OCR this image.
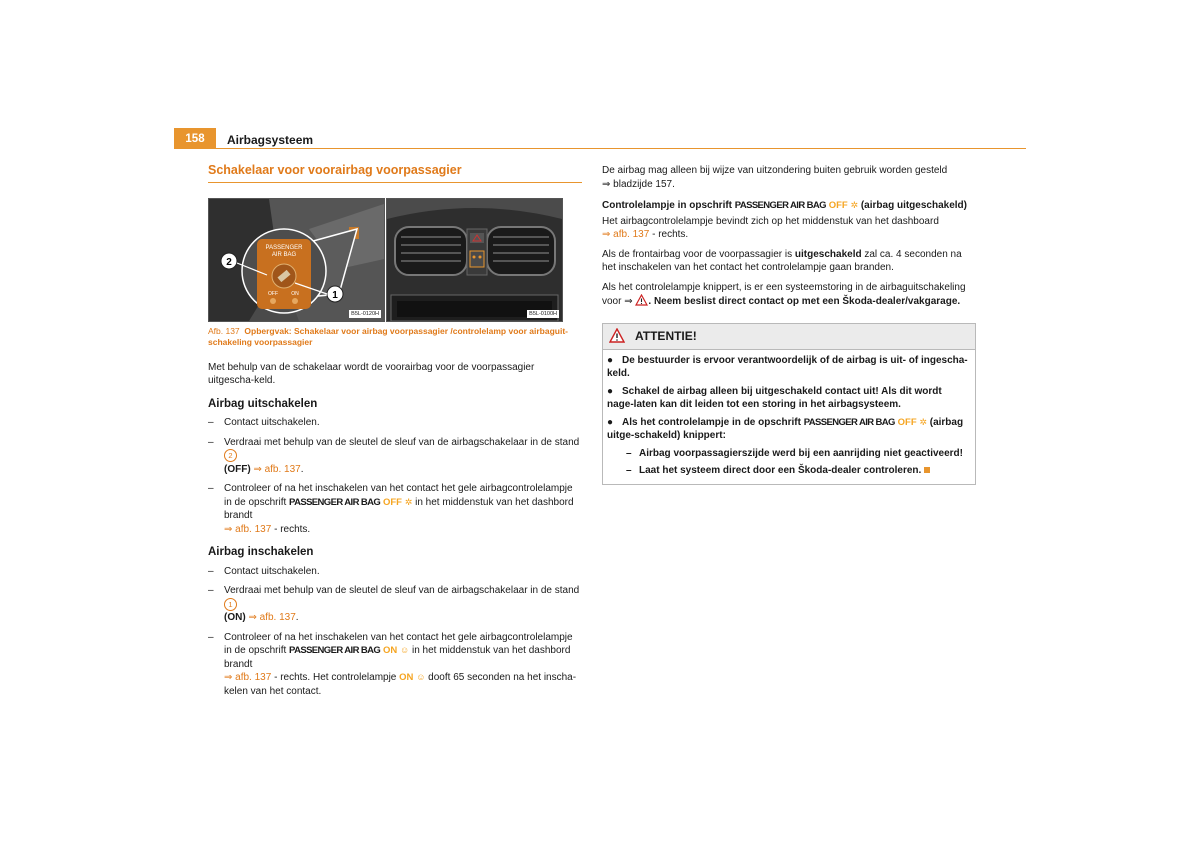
158	Airbagsysteem
Schakelaar voor voorairbag voorpassagier
PASSENGER
AIR BAG
OFF	ON
2
1
B5L-0120H	B5L-0100H
Afb. 137 Opbergvak: Schakelaar voor airbag voorpassagier /controlelamp voor airbaguit-schakeling voorpassagier

Met behulp van de schakelaar wordt de voorairbag voor de voorpassagier uitgescha-keld.

Airbag uitschakelen
– Contact uitschakelen.
– Verdraai met behulp van de sleutel de sleuf van de airbagschakelaar in de stand 2
(OFF) ⇒ afb. 137.
– Controleer of na het inschakelen van het contact het gele airbagcontrolelampje in de opschrift PASSENGER AIR BAG OFF ✲ in het middenstuk van het dashbord brandt
⇒ afb. 137 - rechts.
Airbag inschakelen
– Contact uitschakelen.
– Verdraai met behulp van de sleutel de sleuf van de airbagschakelaar in de stand 1
(ON) ⇒ afb. 137.
– Controleer of na het inschakelen van het contact het gele airbagcontrolelampje in de opschrift PASSENGER AIR BAG ON ☺ in het middenstuk van het dashbord brandt
⇒ afb. 137 - rechts. Het controlelampje ON ☺ dooft 65 seconden na het inscha-kelen van het contact.

De airbag mag alleen bij wijze van uitzondering buiten gebruik worden gesteld
⇒ bladzijde 157.

Controlelampje in opschrift PASSENGER AIR BAG OFF ✲ (airbag uitgeschakeld)

Het airbagcontrolelampje bevindt zich op het middenstuk van het dashboard
⇒ afb. 137 - rechts.

Als de frontairbag voor de voorpassagier is uitgeschakeld zal ca. 4 seconden na het inschakelen van het contact het controlelampje gaan branden.

Als het controlelampje knippert, is er een systeemstoring in de airbaguitschakeling voor ⇒ . Neem beslist direct contact op met een Škoda-dealer/vakgarage.

ATTENTIE!
● De bestuurder is ervoor verantwoordelijk of de airbag is uit- of ingescha-keld.
● Schakel de airbag alleen bij uitgeschakeld contact uit! Als dit wordt nage-laten kan dit leiden tot een storing in het airbagsysteem.
● Als het controlelampje in de opschrift PASSENGER AIR BAG OFF ✲ (airbag uitge-schakeld) knippert:
– Airbag voorpassagierszijde werd bij een aanrijding niet geactiveerd!
– Laat het systeem direct door een Škoda-dealer controleren.
